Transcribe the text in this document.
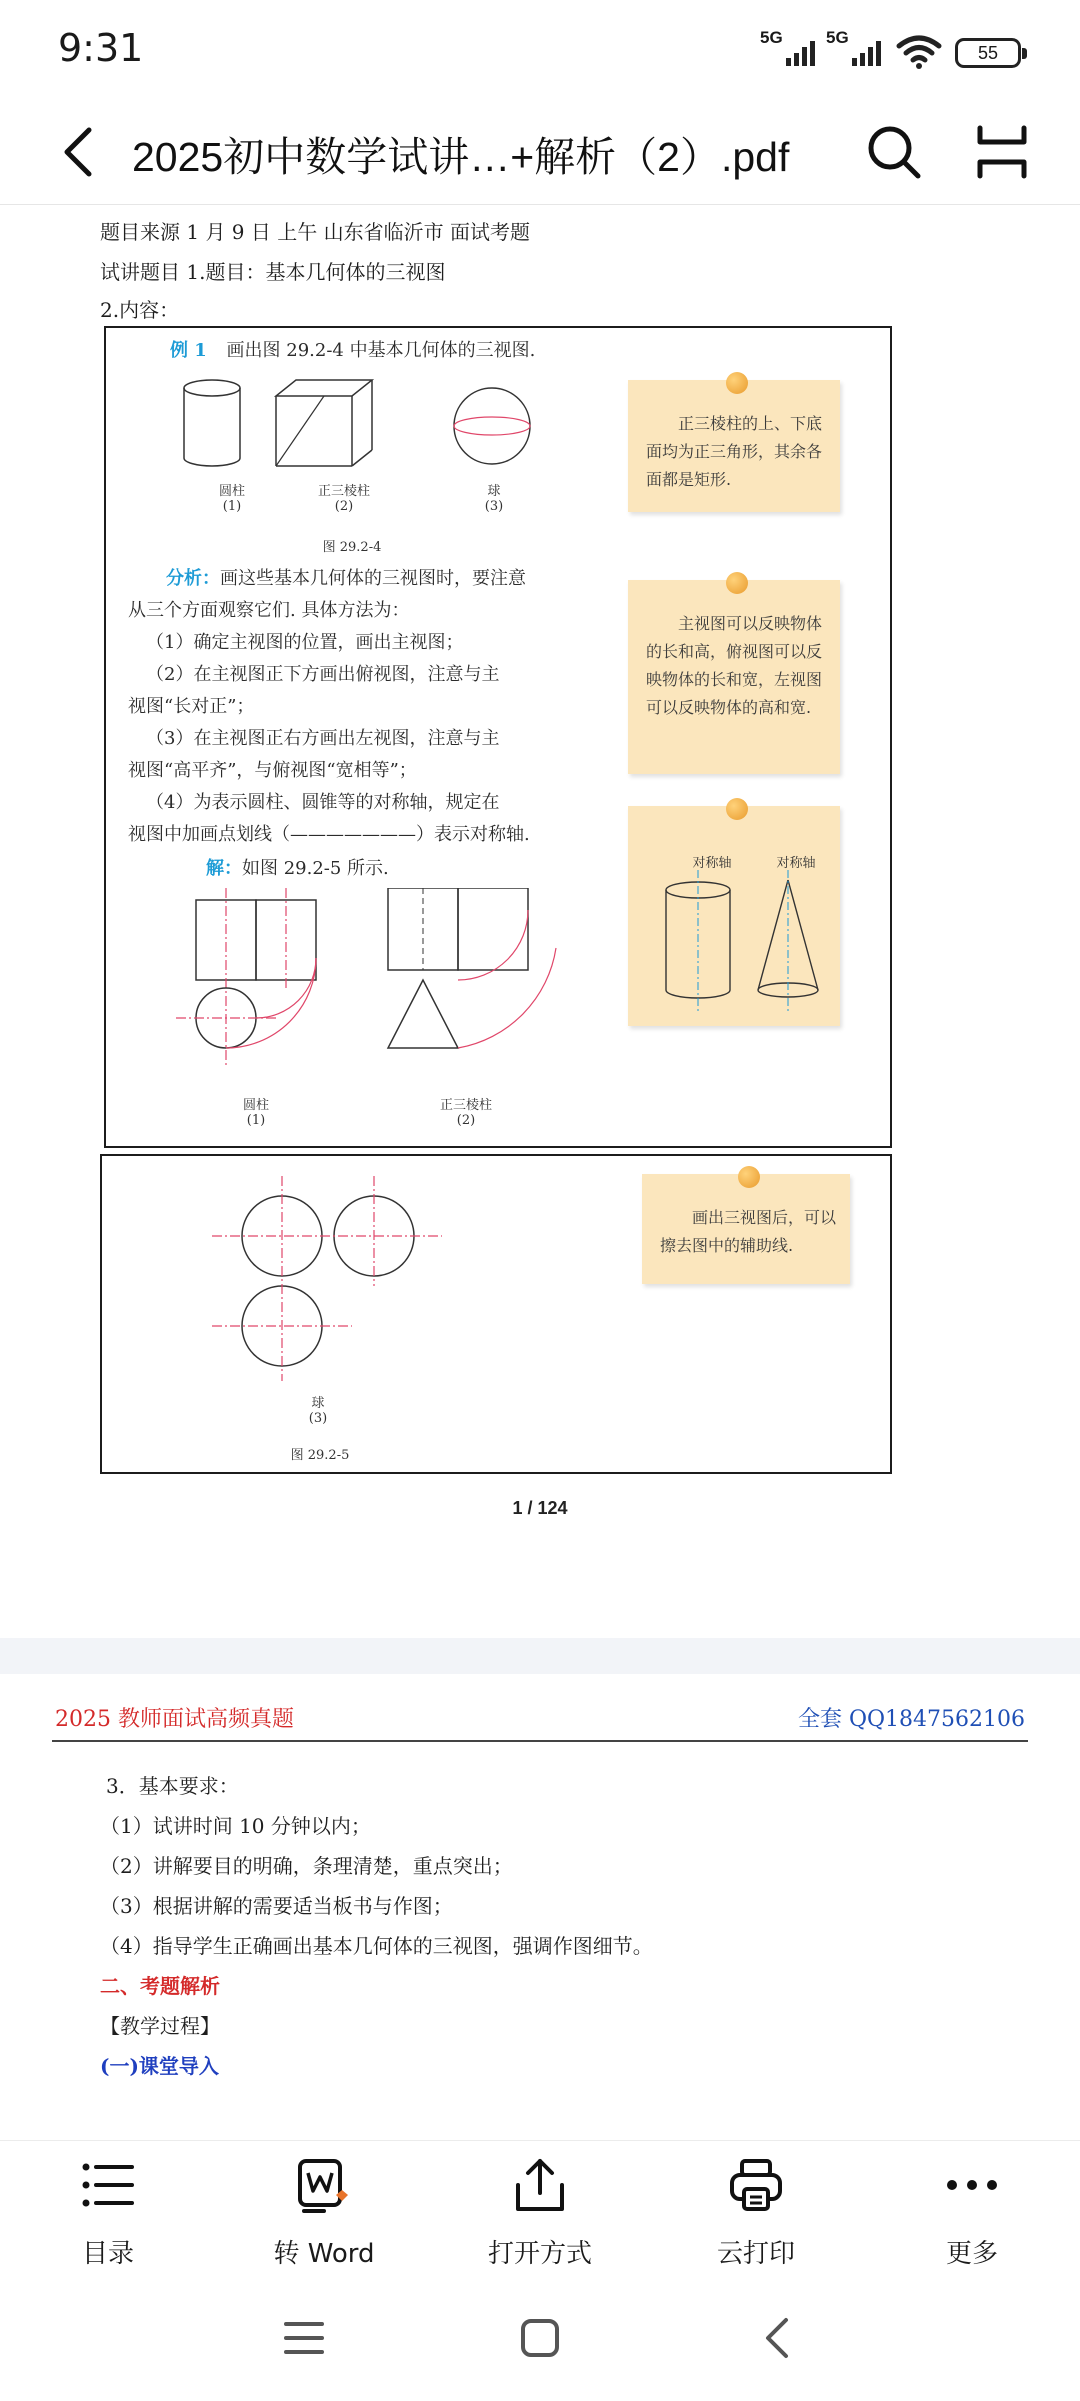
9:31	5G	5G
55
2025初中数学试讲…+解析（2）.pdf
题目来源 1 月 9 日 上午 山东省临沂市 面试考题
试讲题目 1.题目：基本几何体的三视图
2.内容：
例 1 画出图 29.2-4 中基本几何体的三视图.
圆柱
(1)
正三棱柱
(2)
球
(3)
图 29.2-4
分析：画这些基本几何体的三视图时，要注意
从三个方面观察它们. 具体方法为：
（1）确定主视图的位置，画出主视图；
（2）在主视图正下方画出俯视图，注意与主
视图“长对正”；
（3）在主视图正右方画出左视图，注意与主
视图“高平齐”，与俯视图“宽相等”；
（4）为表示圆柱、圆锥等的对称轴，规定在
视图中加画点划线（———————）表示对称轴.
解：如图 29.2-5 所示.
圆柱
(1)
正三棱柱
(2)
正三棱柱的上、下底面均为正三角形，其余各面都是矩形.
主视图可以反映物体的长和高，俯视图可以反映物体的长和宽，左视图可以反映物体的高和宽.
对称轴	对称轴
球
(3)
图 29.2-5
画出三视图后，可以擦去图中的辅助线.
1 / 124
2025 教师面试高频真题	全套 QQ1847562106
3．基本要求：
（1）试讲时间 10 分钟以内；
（2）讲解要目的明确，条理清楚，重点突出；
（3）根据讲解的需要适当板书与作图；
（4）指导学生正确画出基本几何体的三视图，强调作图细节。
二、考题解析
【教学过程】
(一)课堂导入
目录	转 Word	打开方式	云打印	更多
